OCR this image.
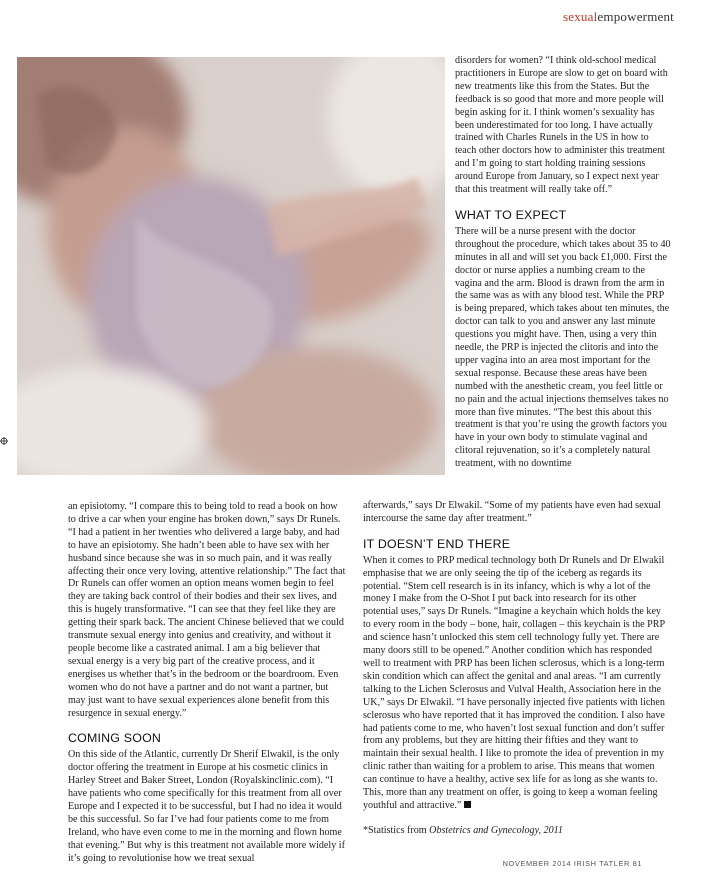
sexualempowerment

disorders for women? “I think old-school medical practitioners in Europe are slow to get on board with new treatments like this from the States. But the feedback is so good that more and more people will begin asking for it. I think women’s sexuality has been underestimated for too long. I have actually trained with Charles Runels in the US in how to teach other doctors how to administer this treatment and I’m going to start holding training sessions around Europe from January, so I expect next year that this treatment will really take off.”

WHAT TO EXPECT

There will be a nurse present with the doctor throughout the procedure, which takes about 35 to 40 minutes in all and will set you back £1,000. First the doctor or nurse applies a numbing cream to the vagina and the arm. Blood is drawn from the arm in the same was as with any blood test. While the PRP is being prepared, which takes about ten minutes, the doctor can talk to you and answer any last minute questions you might have. Then, using a very thin needle, the PRP is injected the clitoris and into the upper vagina into an area most important for the sexual response. Because these areas have been numbed with the anesthetic cream, you feel little or no pain and the actual injections themselves takes no more than five minutes. “The best this about this treatment is that you’re using the growth factors you have in your own body to stimulate vaginal and clitoral rejuvenation, so it’s a completely natural treatment, with no downtime

an episiotomy. “I compare this to being told to read a book on how to drive a car when your engine has broken down,” says Dr Runels. “I had a patient in her twenties who delivered a large baby, and had to have an episiotomy. She hadn’t been able to have sex with her husband since because she was in so much pain, and it was really affecting their once very loving, attentive relationship.” The fact that Dr Runels can offer women an option means women begin to feel they are taking back control of their bodies and their sex lives, and this is hugely transformative. “I can see that they feel like they are getting their spark back. The ancient Chinese believed that we could transmute sexual energy into genius and creativity, and without it people become like a castrated animal. I am a big believer that sexual energy is a very big part of the creative process, and it energises us whether that’s in the bedroom or the boardroom. Even women who do not have a partner and do not want a partner, but may just want to have sexual experiences alone benefit from this resurgence in sexual energy.”

COMING SOON

On this side of the Atlantic, currently Dr Sherif Elwakil, is the only doctor offering the treatment in Europe at his cosmetic clinics in Harley Street and Baker Street, London (Royalskinclinic.com). “I have patients who come specifically for this treatment from all over Europe and I expected it to be successful, but I had no idea it would be this successful. So far I’ve had four patients come to me from Ireland, who have even come to me in the morning and flown home that evening.” But why is this treatment not available more widely if it’s going to revolutionise how we treat sexual

afterwards,” says Dr Elwakil. “Some of my patients have even had sexual intercourse the same day after treatment.”

IT DOESN’T END THERE

When it comes to PRP medical technology both Dr Runels and Dr Elwakil emphasise that we are only seeing the tip of the iceberg as regards its potential. “Stem cell research is in its infancy, which is why a lot of the money I make from the O-Shot I put back into research for its other potential uses,” says Dr Runels. “Imagine a keychain which holds the key to every room in the body – bone, hair, collagen – this keychain is the PRP and science hasn’t unlocked this stem cell technology fully yet. There are many doors still to be opened.” Another condition which has responded well to treatment with PRP has been lichen sclerosus, which is a long-term skin condition which can affect the genital and anal areas. “I am currently talking to the Lichen Sclerosus and Vulval Health, Association here in the UK,” says Dr Elwakil. “I have personally injected five patients with lichen sclerosus who have reported that it has improved the condition. I also have had patients come to me, who haven’t lost sexual function and don’t suffer from any problems, but they are hitting their fifties and they want to maintain their sexual health. I like to promote the idea of prevention in my clinic rather than waiting for a problem to arise. This means that women can continue to have a healthy, active sex life for as long as she wants to. This, more than any treatment on offer, is going to keep a woman feeling youthful and attractive.”

*Statistics from Obstetrics and Gynecology, 2011

NOVEMBER 2014 IRISH TATLER 81
